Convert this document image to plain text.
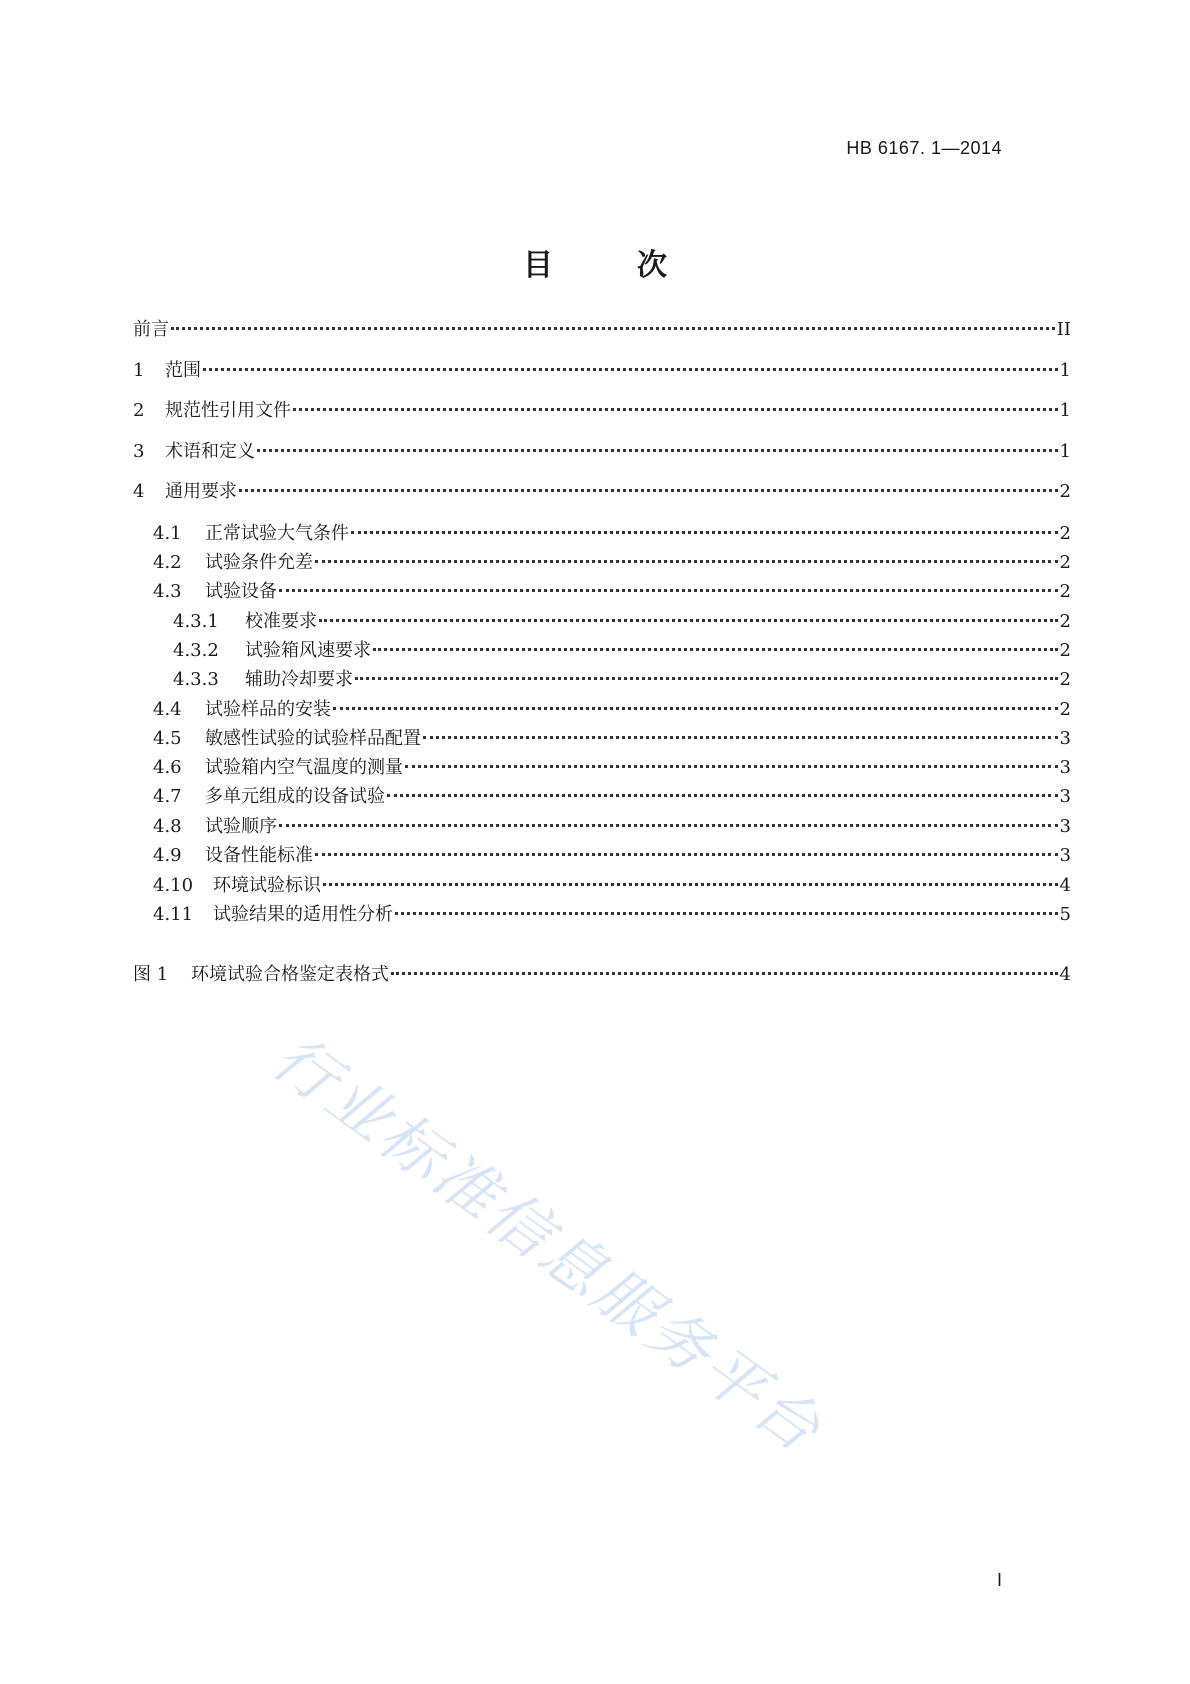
HB 6167. 1—2014
目	次
前言	II
1	范围	1
2	规范性引用文件	1
3	术语和定义	1
4	通用要求	2
4.1	正常试验大气条件	2
4.2	试验条件允差	2
4.3	试验设备	2
4.3.1	校准要求	2
4.3.2	试验箱风速要求	2
4.3.3	辅助冷却要求	2
4.4	试验样品的安装	2
4.5	敏感性试验的试验样品配置	3
4.6	试验箱内空气温度的测量	3
4.7	多单元组成的设备试验	3
4.8	试验顺序	3
4.9	设备性能标准	3
4.10	环境试验标识	4
4.11	试验结果的适用性分析	5
图 1	环境试验合格鉴定表格式	4
行业标准信息服务平台
I
